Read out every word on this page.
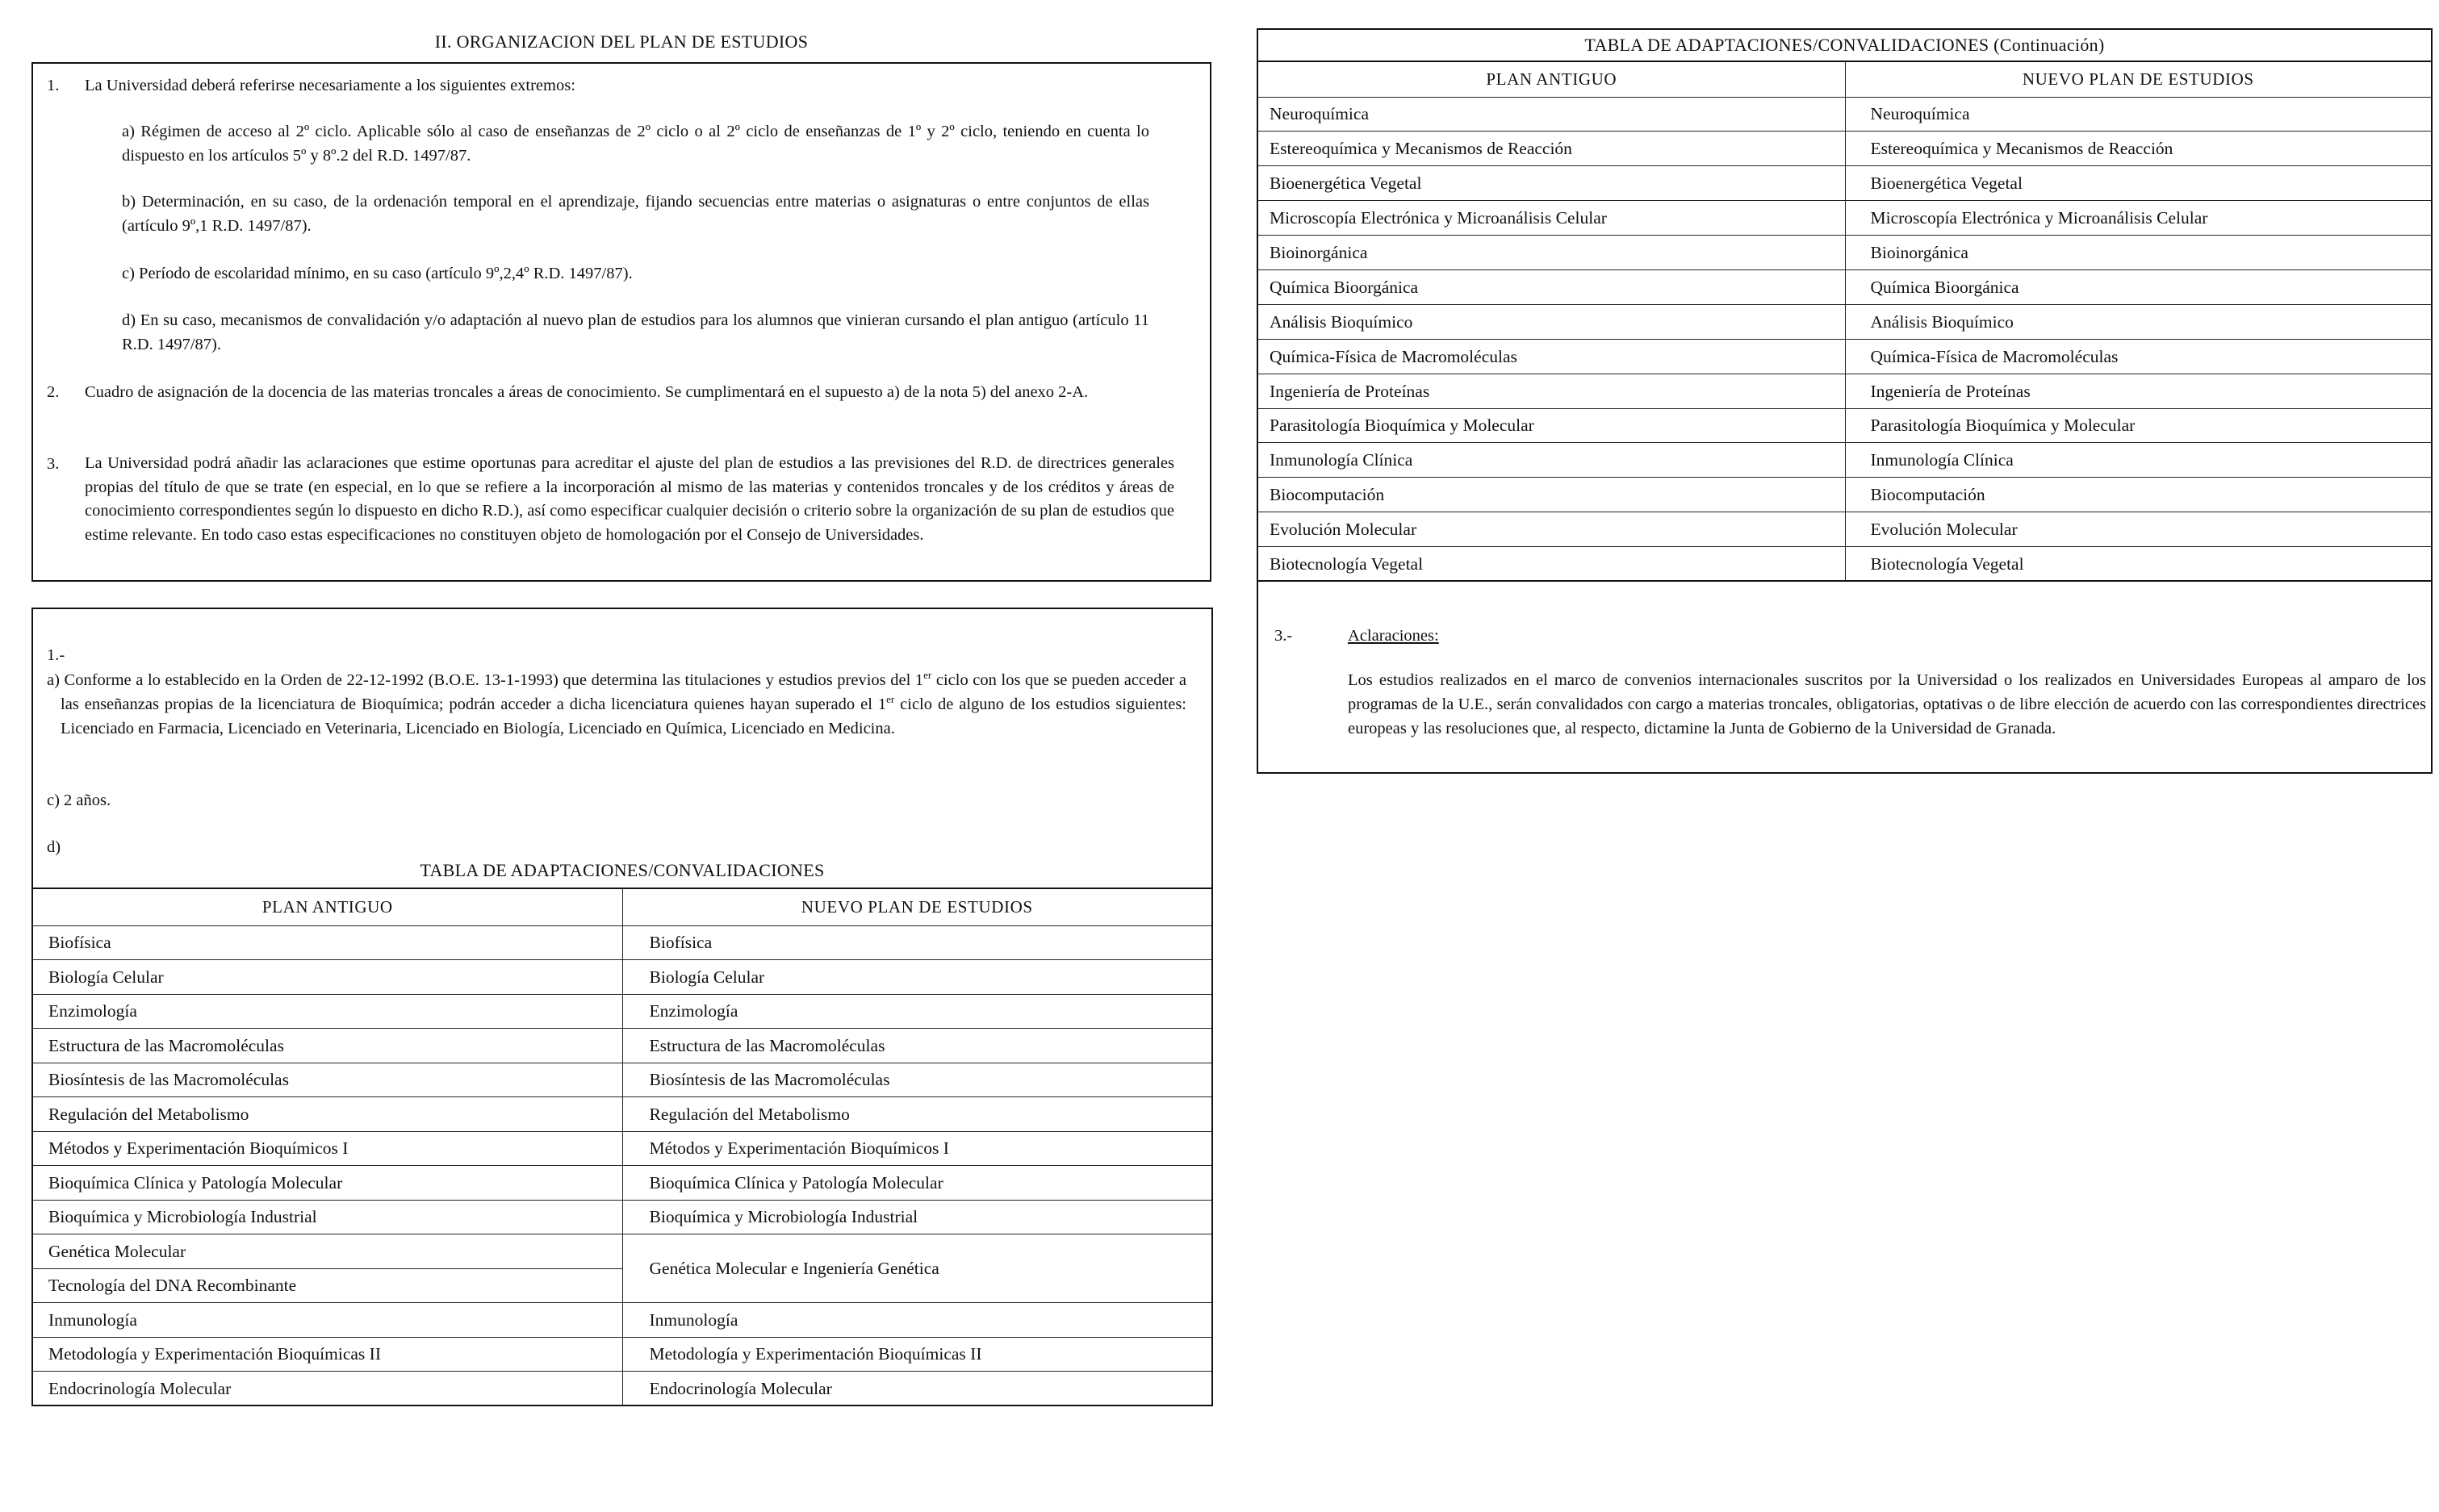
II. ORGANIZACION DEL PLAN DE ESTUDIOS
1. La Universidad deberá referirse necesariamente a los siguientes extremos:
a) Régimen de acceso al 2º ciclo. Aplicable sólo al caso de enseñanzas de 2º ciclo o al 2º ciclo de enseñanzas de 1º y 2º ciclo, teniendo en cuenta lo dispuesto en los artículos 5º y 8º.2 del R.D. 1497/87.
b) Determinación, en su caso, de la ordenación temporal en el aprendizaje, fijando secuencias entre materias o asignaturas o entre conjuntos de ellas (artículo 9º,1 R.D. 1497/87).
c) Período de escolaridad mínimo, en su caso (artículo 9º,2,4º R.D. 1497/87).
d) En su caso, mecanismos de convalidación y/o adaptación al nuevo plan de estudios para los alumnos que vinieran cursando el plan antiguo (artículo 11 R.D. 1497/87).
2. Cuadro de asignación de la docencia de las materias troncales a áreas de conocimiento. Se cumplimentará en el supuesto a) de la nota 5) del anexo 2-A.
3. La Universidad podrá añadir las aclaraciones que estime oportunas para acreditar el ajuste del plan de estudios a las previsiones del R.D. de directrices generales propias del título de que se trate (en especial, en lo que se refiere a la incorporación al mismo de las materias y contenidos troncales y de los créditos y áreas de conocimiento correspondientes según lo dispuesto en dicho R.D.), así como especificar cualquier decisión o criterio sobre la organización de su plan de estudios que estime relevante. En todo caso estas especificaciones no constituyen objeto de homologación por el Consejo de Universidades.
1.-
a) Conforme a lo establecido en la Orden de 22-12-1992 (B.O.E. 13-1-1993) que determina las titulaciones y estudios previos del 1er ciclo con los que se pueden acceder a las enseñanzas propias de la licenciatura de Bioquímica; podrán acceder a dicha licenciatura quienes hayan superado el 1er ciclo de alguno de los estudios siguientes: Licenciado en Farmacia, Licenciado en Veterinaria, Licenciado en Biología, Licenciado en Química, Licenciado en Medicina.
c) 2 años.
d)
TABLA DE ADAPTACIONES/CONVALIDACIONES
PLAN ANTIGUO	NUEVO PLAN DE ESTUDIOS
Biofísica	Biofísica
Biología Celular	Biología Celular
Enzimología	Enzimología
Estructura de las Macromoléculas	Estructura de las Macromoléculas
Biosíntesis de las Macromoléculas	Biosíntesis de las Macromoléculas
Regulación del Metabolismo	Regulación del Metabolismo
Métodos y Experimentación Bioquímicos I	Métodos y Experimentación Bioquímicos I
Bioquímica Clínica y Patología Molecular	Bioquímica Clínica y Patología Molecular
Bioquímica y Microbiología Industrial	Bioquímica y Microbiología Industrial
Genética Molecular	Genética Molecular e Ingeniería Genética
Tecnología del DNA Recombinante	
Inmunología	Inmunología
Metodología y Experimentación Bioquímicas II	Metodología y Experimentación Bioquímicas II
Endocrinología Molecular	Endocrinología Molecular
TABLA DE ADAPTACIONES/CONVALIDACIONES (Continuación)
PLAN ANTIGUO	NUEVO PLAN DE ESTUDIOS
Neuroquímica	Neuroquímica
Estereoquímica y Mecanismos de Reacción	Estereoquímica y Mecanismos de Reacción
Bioenergética Vegetal	Bioenergética Vegetal
Microscopía Electrónica y Microanálisis Celular	Microscopía Electrónica y Microanálisis Celular
Bioinorgánica	Bioinorgánica
Química Bioorgánica	Química Bioorgánica
Análisis Bioquímico	Análisis Bioquímico
Química-Física de Macromoléculas	Química-Física de Macromoléculas
Ingeniería de Proteínas	Ingeniería de Proteínas
Parasitología Bioquímica y Molecular	Parasitología Bioquímica y Molecular
Inmunología Clínica	Inmunología Clínica
Biocomputación	Biocomputación
Evolución Molecular	Evolución Molecular
Biotecnología Vegetal	Biotecnología Vegetal
3.-	Aclaraciones:
Los estudios realizados en el marco de convenios internacionales suscritos por la Universidad o los realizados en Universidades Europeas al amparo de los programas de la U.E., serán convalidados con cargo a materias troncales, obligatorias, optativas o de libre elección de acuerdo con las correspondientes directrices europeas y las resoluciones que, al respecto, dictamine la Junta de Gobierno de la Universidad de Granada.
